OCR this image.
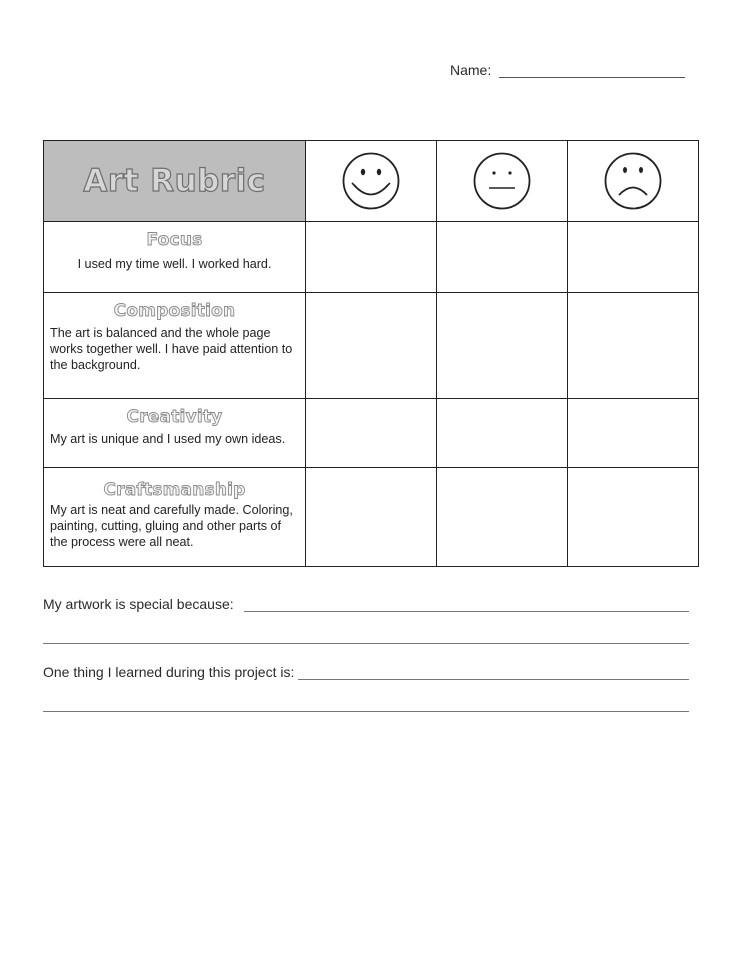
Name:
Art Rubric	

Focus
I used my time well. I worked hard.			

Composition
The art is balanced and the whole page works together well. I have paid attention to the background.			

Creativity
My art is unique and I used my own ideas.			

Craftsmanship
My art is neat and carefully made. Coloring, painting, cutting, gluing and other parts of the process were all neat.			

My artwork is special because:
One thing I learned during this project is:
